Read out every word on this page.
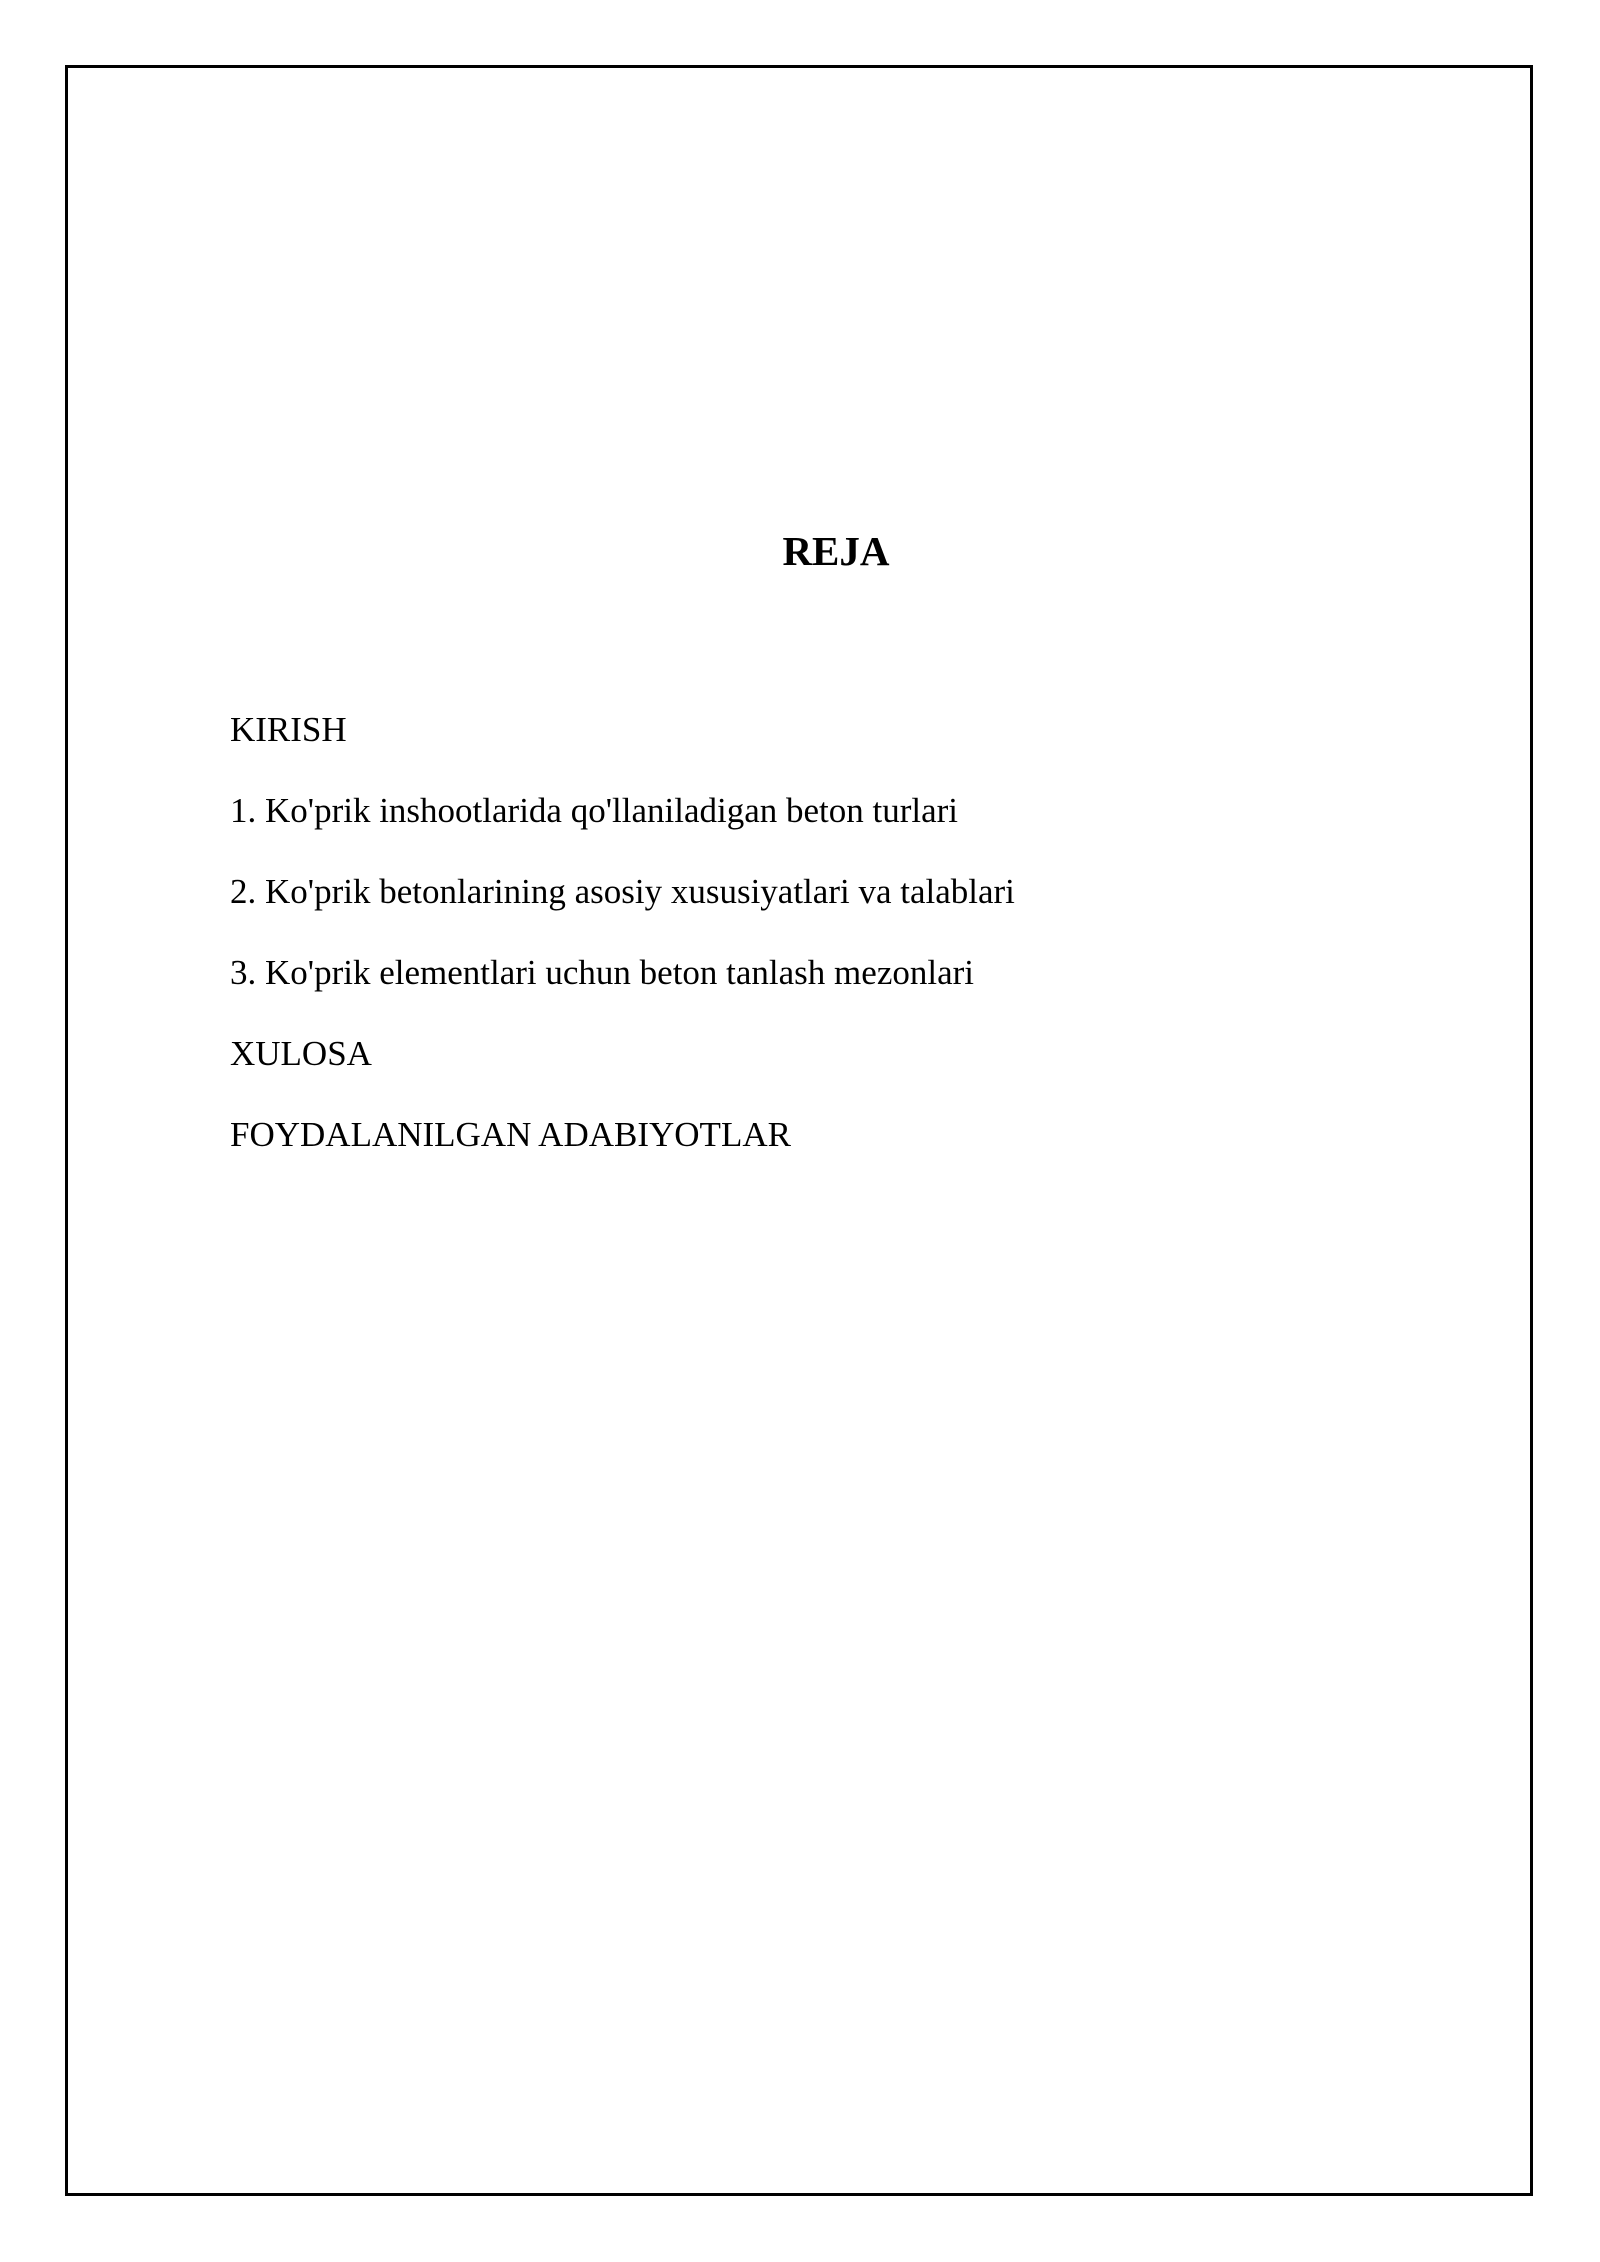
REJA
KIRISH
1. Ko'prik inshootlarida qo'llaniladigan beton turlari
2. Ko'prik betonlarining asosiy xususiyatlari va talablari
3. Ko'prik elementlari uchun beton tanlash mezonlari
XULOSA
FOYDALANILGAN ADABIYOTLAR
